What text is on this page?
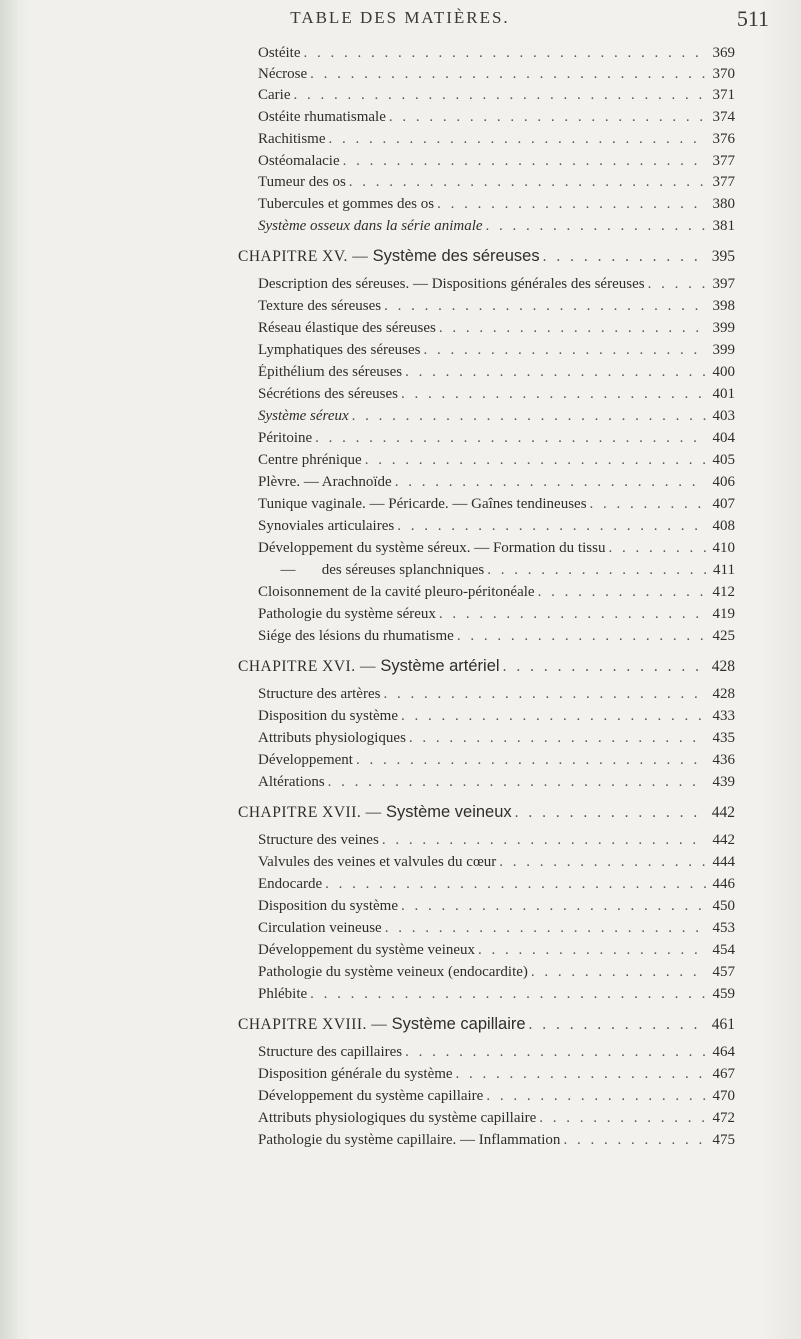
TABLE DES MATIÈRES.	511
Ostéite . . .	369
Nécrose . . .	370
Carie . . .	371
Ostéite rhumatismale . . .	374
Rachitisme . . .	376
Ostéomalacie . . .	377
Tumeur des os . . .	377
Tubercules et gommes des os . . .	380
Système osseux dans la série animale . . .	381
CHAPITRE XV. — Système des séreuses . . .	395
Description des séreuses. — Dispositions générales des séreuses . . .	397
Texture des séreuses . . .	398
Réseau élastique des séreuses . . .	399
Lymphatiques des séreuses . . .	399
Épithélium des séreuses . . .	400
Sécrétions des séreuses . . .	401
Système séreux . . .	403
Péritoine . . .	404
Centre phrénique . . .	405
Plèvre. — Arachnoïde . . .	406
Tunique vaginale. — Péricarde. — Gaînes tendineuses . . .	407
Synoviales articulaires . . .	408
Développement du système séreux. — Formation du tissu . . .	410
— des séreuses splanchniques . . .	411
Cloisonnement de la cavité pleuro-péritonéale . . .	412
Pathologie du système séreux . . .	419
Siége des lésions du rhumatisme . . .	425
CHAPITRE XVI. — Système artériel . . .	428
Structure des artères . . .	428
Disposition du système . . .	433
Attributs physiologiques . . .	435
Développement . . .	436
Altérations . . .	439
CHAPITRE XVII. — Système veineux . . .	442
Structure des veines . . .	442
Valvules des veines et valvules du cœur . . .	444
Endocarde . . .	446
Disposition du système . . .	450
Circulation veineuse . . .	453
Développement du système veineux . . .	454
Pathologie du système veineux (endocardite) . . .	457
Phlébite . . .	459
CHAPITRE XVIII. — Système capillaire . . .	461
Structure des capillaires . . .	464
Disposition générale du système . . .	467
Développement du système capillaire . . .	470
Attributs physiologiques du système capillaire . . .	472
Pathologie du système capillaire. — Inflammation . . .	475
